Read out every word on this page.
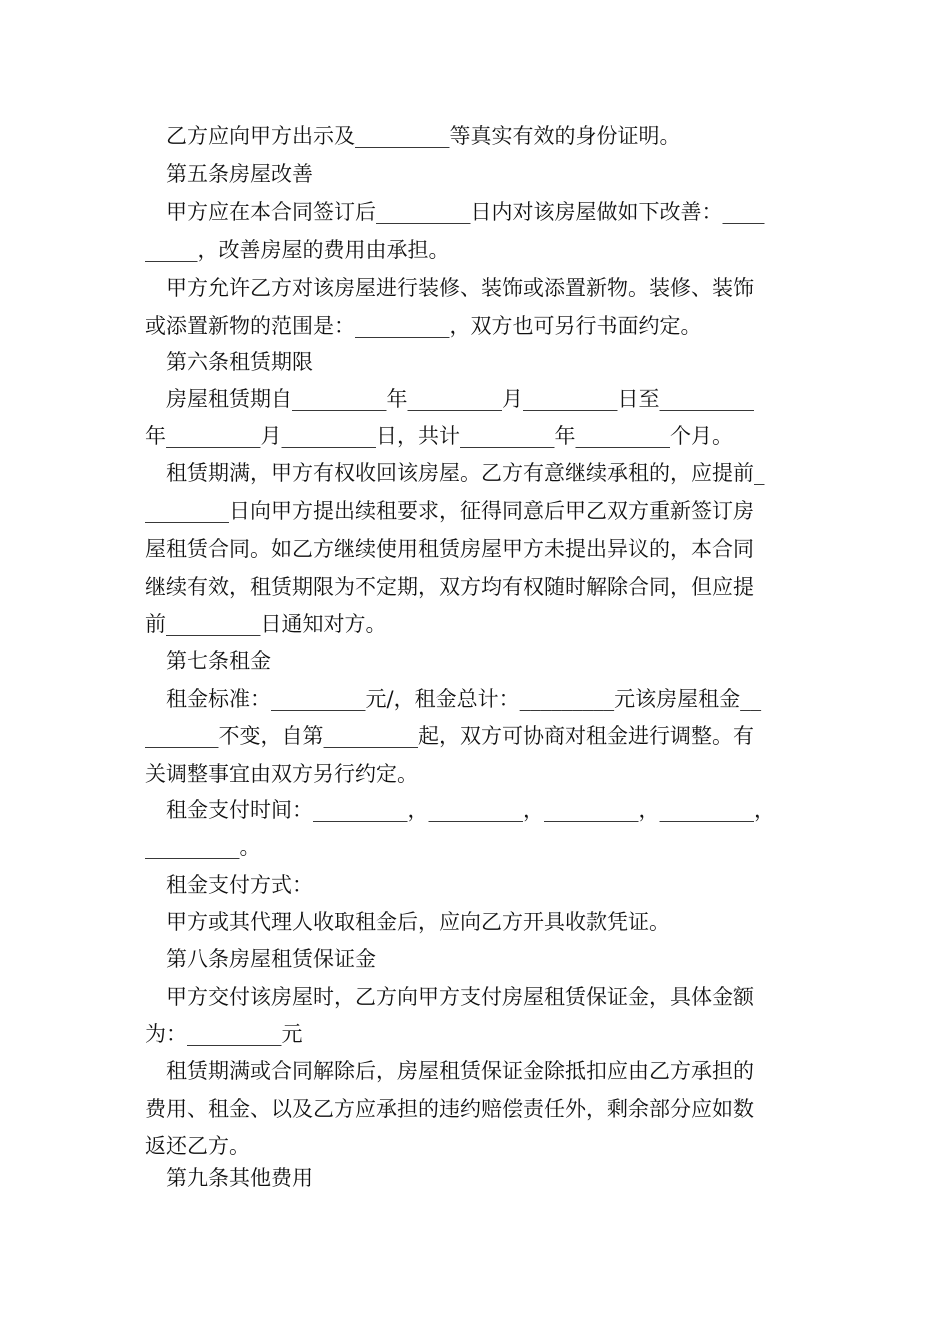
乙方应向甲方出示及_________等真实有效的身份证明。
第五条房屋改善
甲方应在本合同签订后_________日内对该房屋做如下改善：____
_____，改善房屋的费用由承担。
甲方允许乙方对该房屋进行装修、装饰或添置新物。装修、装饰
或添置新物的范围是：_________，双方也可另行书面约定。
第六条租赁期限
房屋租赁期自_________年_________月_________日至_________
年_________月_________日，共计_________年_________个月。
租赁期满，甲方有权收回该房屋。乙方有意继续承租的，应提前_
________日向甲方提出续租要求，征得同意后甲乙双方重新签订房
屋租赁合同。如乙方继续使用租赁房屋甲方未提出异议的，本合同
继续有效，租赁期限为不定期，双方均有权随时解除合同，但应提
前_________日通知对方。
第七条租金
租金标准：_________元/，租金总计：_________元该房屋租金__
_______不变，自第_________起，双方可协商对租金进行调整。有
关调整事宜由双方另行约定。
租金支付时间：_________，_________，_________，_________，
_________。
租金支付方式：
甲方或其代理人收取租金后，应向乙方开具收款凭证。
第八条房屋租赁保证金
甲方交付该房屋时，乙方向甲方支付房屋租赁保证金，具体金额
为：_________元
租赁期满或合同解除后，房屋租赁保证金除抵扣应由乙方承担的
费用、租金、以及乙方应承担的违约赔偿责任外，剩余部分应如数
返还乙方。
第九条其他费用
